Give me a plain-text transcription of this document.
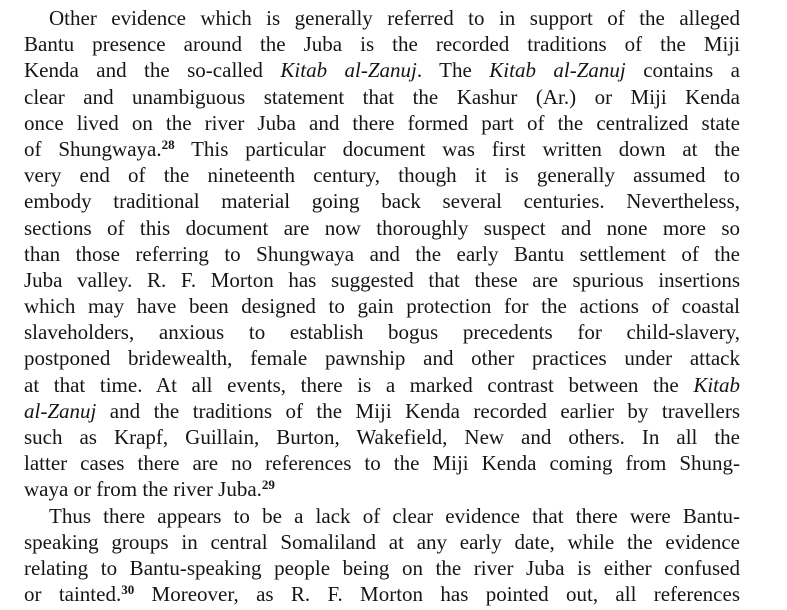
Other evidence which is generally referred to in support of the alleged
Bantu presence around the Juba is the recorded traditions of the Miji
Kenda and the so-called Kitab al-Zanuj. The Kitab al-Zanuj contains a
clear and unambiguous statement that the Kashur (Ar.) or Miji Kenda
once lived on the river Juba and there formed part of the centralized state
of Shungwaya.$^{28}$ This particular document was first written down at the
very end of the nineteenth century, though it is generally assumed to
embody traditional material going back several centuries. Nevertheless,
sections of this document are now thoroughly suspect and none more so
than those referring to Shungwaya and the early Bantu settlement of the
Juba valley. R. F. Morton has suggested that these are spurious insertions
which may have been designed to gain protection for the actions of coastal
slaveholders, anxious to establish bogus precedents for child-slavery,
postponed bridewealth, female pawnship and other practices under attack
at that time. At all events, there is a marked contrast between the Kitab
al-Zanuj and the traditions of the Miji Kenda recorded earlier by travellers
such as Krapf, Guillain, Burton, Wakefield, New and others. In all the
latter cases there are no references to the Miji Kenda coming from Shung-
waya or from the river Juba.$^{29}$
Thus there appears to be a lack of clear evidence that there were Bantu-
speaking groups in central Somaliland at any early date, while the evidence
relating to Bantu-speaking people being on the river Juba is either confused
or tainted.$^{30}$ Moreover, as R. F. Morton has pointed out, all references
